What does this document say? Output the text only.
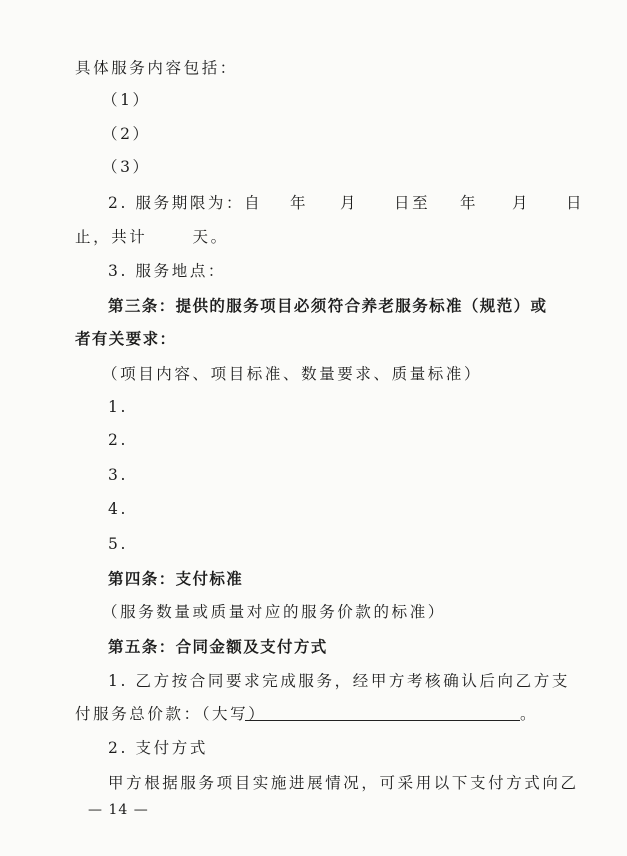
具体服务内容包括：
（1）
（2）
（3）
2. 服务期限为：自 年 月 日至 年 月 日
止，共计      天。
3. 服务地点：
第三条：提供的服务项目必须符合养老服务标准（规范）或
者有关要求：
（项目内容、项目标准、数量要求、质量标准）
1.
2.
3.
4.
5.
第四条：支付标准
（服务数量或质量对应的服务价款的标准）
第五条：合同金额及支付方式
1. 乙方按合同要求完成服务，经甲方考核确认后向乙方支
付服务总价款：（大写）	。
2. 支付方式
甲方根据服务项目实施进展情况，可采用以下支付方式向乙
— 14 —
